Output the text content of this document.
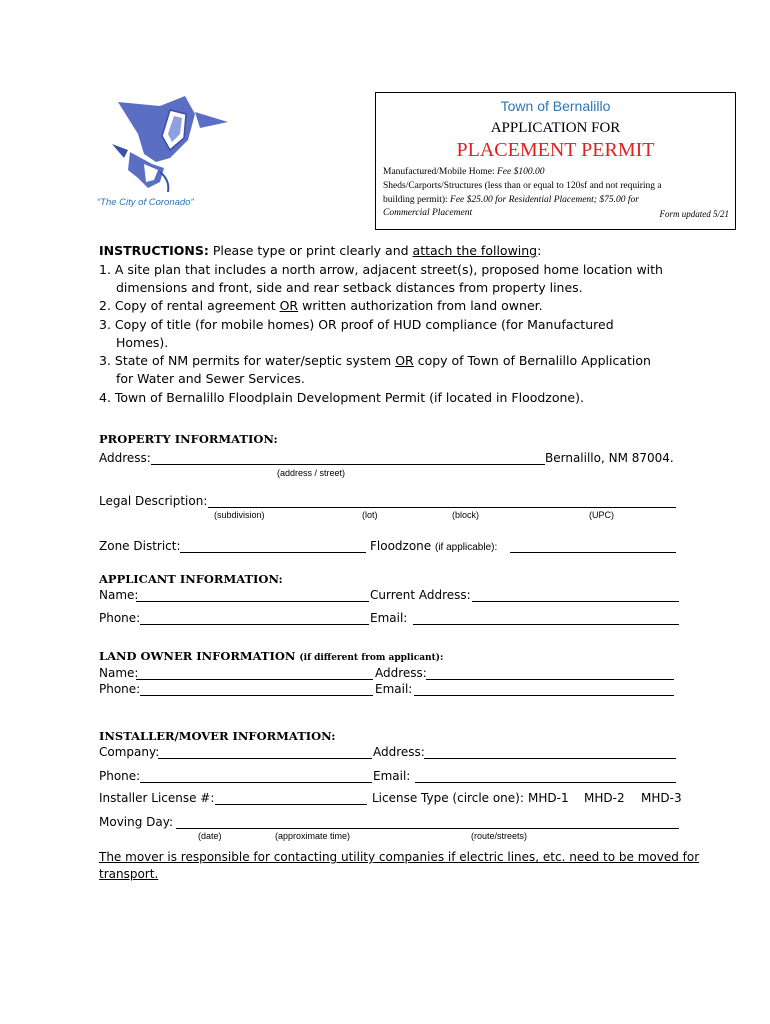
“The City of Coronado”
Town of Bernalillo
APPLICATION FOR
PLACEMENT PERMIT
Manufactured/Mobile Home: Fee $100.00
Sheds/Carports/Structures (less than or equal to 120sf and not requiring a
building permit): Fee $25.00 for Residential Placement; $75.00 for
Commercial Placement	Form updated 5/21
INSTRUCTIONS: Please type or print clearly and attach the following:
1. A site plan that includes a north arrow, adjacent street(s), proposed home location with
dimensions and front, side and rear setback distances from property lines.
2. Copy of rental agreement OR written authorization from land owner.
3. Copy of title (for mobile homes) OR proof of HUD compliance (for Manufactured
Homes).
3. State of NM permits for water/septic system OR copy of Town of Bernalillo Application
for Water and Sewer Services.
4. Town of Bernalillo Floodplain Development Permit (if located in Floodzone).
PROPERTY INFORMATION:
Address:	Bernalillo, NM 87004.
(address / street)
Legal Description:
(subdivision)	(lot)	(block)	(UPC)
Zone District:	Floodzone (if applicable):
APPLICANT INFORMATION:
Name:	Current Address:
Phone:	Email:
LAND OWNER INFORMATION (if different from applicant):
Name:	Address:
Phone:	Email:
INSTALLER/MOVER INFORMATION:
Company:	Address:
Phone:	Email:
Installer License #:	License Type (circle one): MHD-1 MHD-2 MHD-3
Moving Day:
(date)	(approximate time)	(route/streets)
The mover is responsible for contacting utility companies if electric lines, etc. need to be moved for
transport.
